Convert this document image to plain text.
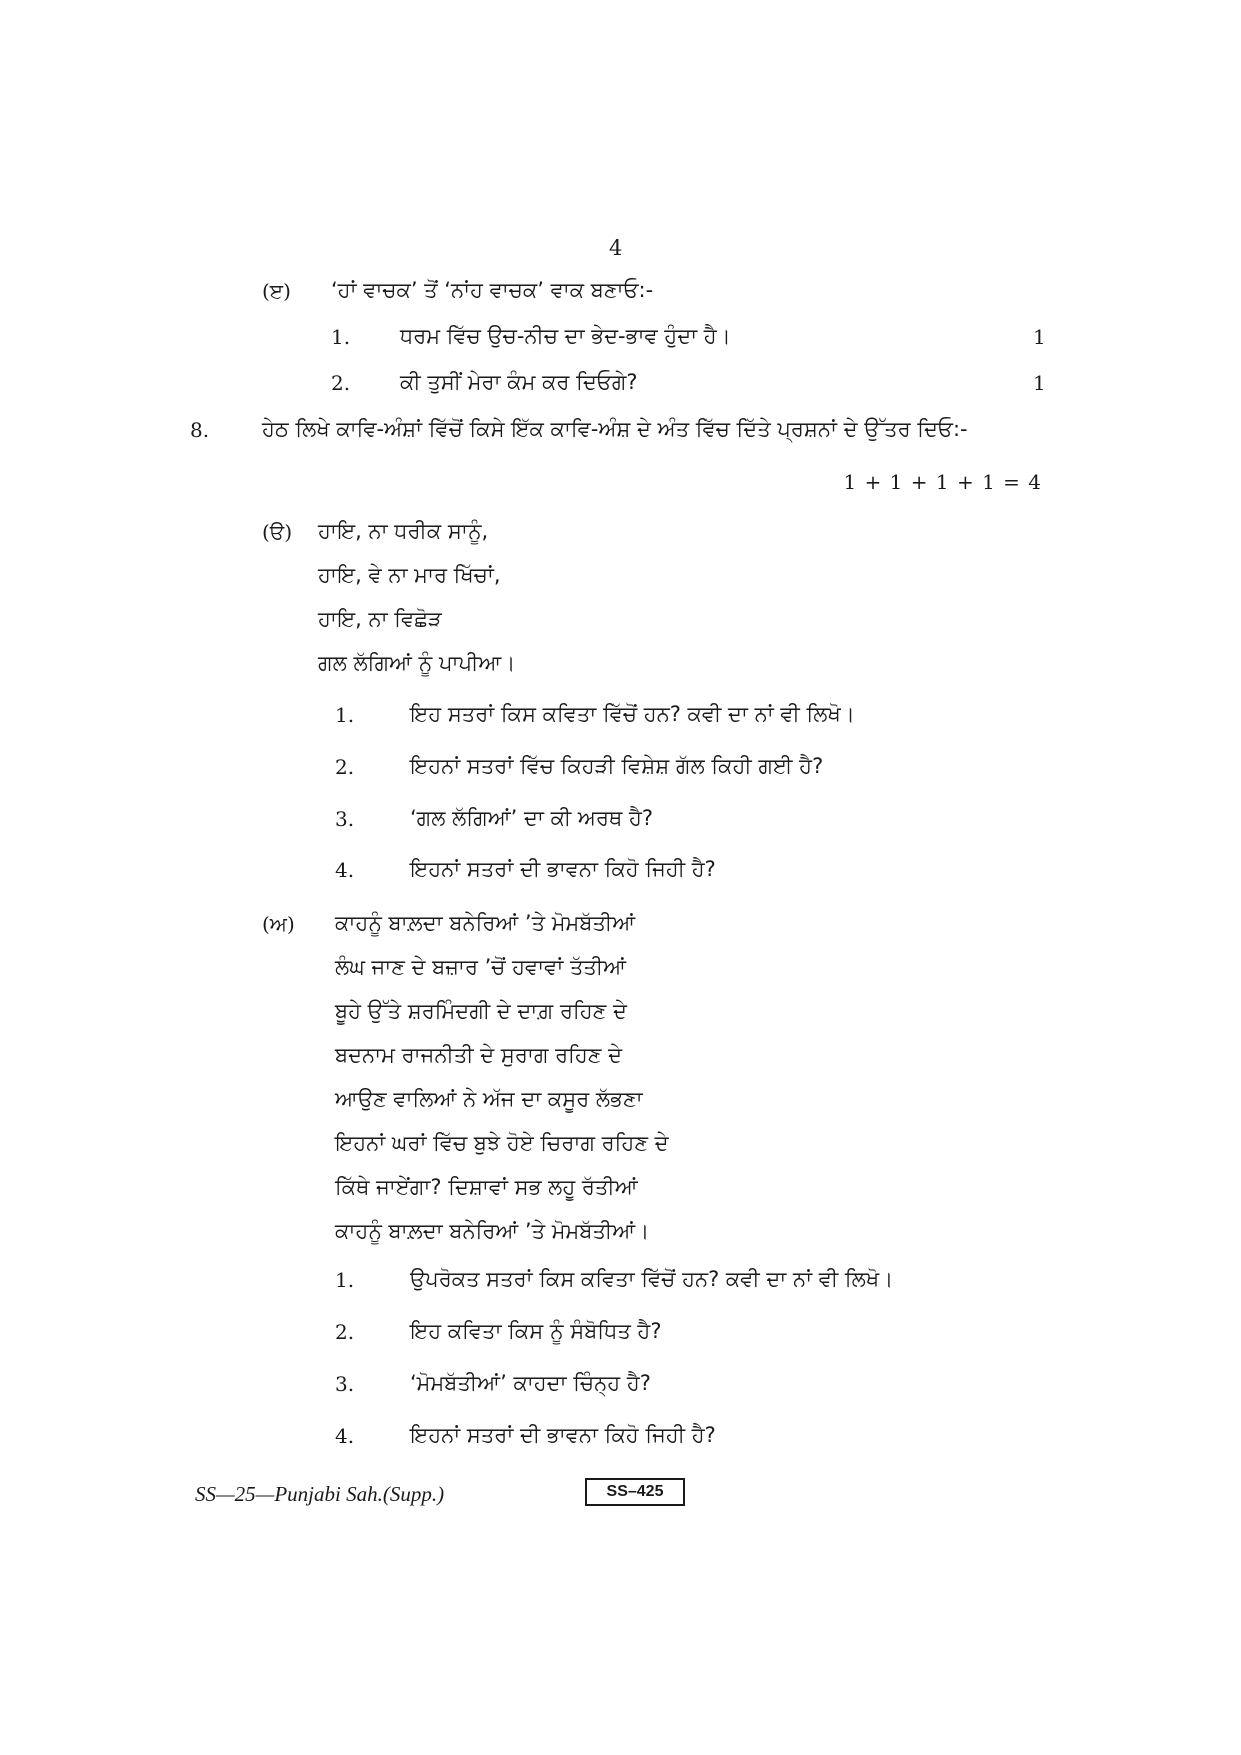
4
(ੲ) ‘ਹਾਂ ਵਾਚਕ’ ਤੋਂ ‘ਨਾਂਹ ਵਾਚਕ’ ਵਾਕ ਬਣਾਓ:-
1. ਧਰਮ ਵਿੱਚ ਉਚ-ਨੀਚ ਦਾ ਭੇਦ-ਭਾਵ ਹੁੰਦਾ ਹੈ।	1
2. ਕੀ ਤੁਸੀਂ ਮੇਰਾ ਕੰਮ ਕਰ ਦਿਓਗੇ?	1
8.	ਹੇਠ ਲਿਖੇ ਕਾਵਿ-ਅੰਸ਼ਾਂ ਵਿੱਚੋਂ ਕਿਸੇ ਇੱਕ ਕਾਵਿ-ਅੰਸ਼ ਦੇ ਅੰਤ ਵਿੱਚ ਦਿੱਤੇ ਪ੍ਰਸ਼ਨਾਂ ਦੇ ਉੱਤਰ ਦਿਓ:-
1 + 1 + 1 + 1 = 4
(ੳ) ਹਾਇ, ਨਾ ਧਰੀਕ ਸਾਨੂੰ,
ਹਾਇ, ਵੇ ਨਾ ਮਾਰ ਖਿੱਚਾਂ,
ਹਾਇ, ਨਾ ਵਿਛੋੜ
ਗਲ ਲੱਗਿਆਂ ਨੂੰ ਪਾਪੀਆ।
1.	ਇਹ ਸਤਰਾਂ ਕਿਸ ਕਵਿਤਾ ਵਿੱਚੋਂ ਹਨ? ਕਵੀ ਦਾ ਨਾਂ ਵੀ ਲਿਖੋ।
2.	ਇਹਨਾਂ ਸਤਰਾਂ ਵਿੱਚ ਕਿਹੜੀ ਵਿਸ਼ੇਸ਼ ਗੱਲ ਕਿਹੀ ਗਈ ਹੈ?
3.	‘ਗਲ ਲੱਗਿਆਂ’ ਦਾ ਕੀ ਅਰਥ ਹੈ?
4.	ਇਹਨਾਂ ਸਤਰਾਂ ਦੀ ਭਾਵਨਾ ਕਿਹੋ ਜਿਹੀ ਹੈ?
(ਅ) ਕਾਹਨੂੰ ਬਾਲ਼ਦਾ ਬਨੇਰਿਆਂ ’ਤੇ ਮੋਮਬੱਤੀਆਂ
ਲੰਘ ਜਾਣ ਦੇ ਬਜ਼ਾਰ ’ਚੋਂ ਹਵਾਵਾਂ ਤੱਤੀਆਂ
ਬੂਹੇ ਉੱਤੇ ਸ਼ਰਮਿੰਦਗੀ ਦੇ ਦਾਗ਼ ਰਹਿਣ ਦੇ
ਬਦਨਾਮ ਰਾਜਨੀਤੀ ਦੇ ਸੁਰਾਗ ਰਹਿਣ ਦੇ
ਆਉਣ ਵਾਲਿਆਂ ਨੇ ਅੱਜ ਦਾ ਕਸੂਰ ਲੱਭਣਾ
ਇਹਨਾਂ ਘਰਾਂ ਵਿੱਚ ਬੁਝੇ ਹੋਏ ਚਿਰਾਗ ਰਹਿਣ ਦੇ
ਕਿੱਥੇ ਜਾਏਂਗਾ? ਦਿਸ਼ਾਵਾਂ ਸਭ ਲਹੂ ਰੱਤੀਆਂ
ਕਾਹਨੂੰ ਬਾਲ਼ਦਾ ਬਨੇਰਿਆਂ ’ਤੇ ਮੋਮਬੱਤੀਆਂ।
1.	ਉਪਰੋਕਤ ਸਤਰਾਂ ਕਿਸ ਕਵਿਤਾ ਵਿੱਚੋਂ ਹਨ? ਕਵੀ ਦਾ ਨਾਂ ਵੀ ਲਿਖੋ।
2.	ਇਹ ਕਵਿਤਾ ਕਿਸ ਨੂੰ ਸੰਬੋਧਿਤ ਹੈ?
3.	‘ਮੋਮਬੱਤੀਆਂ’ ਕਾਹਦਾ ਚਿੰਨ੍ਹ ਹੈ?
4.	ਇਹਨਾਂ ਸਤਰਾਂ ਦੀ ਭਾਵਨਾ ਕਿਹੋ ਜਿਹੀ ਹੈ?
SS—25—Punjabi Sah.(Supp.)	SS–425
